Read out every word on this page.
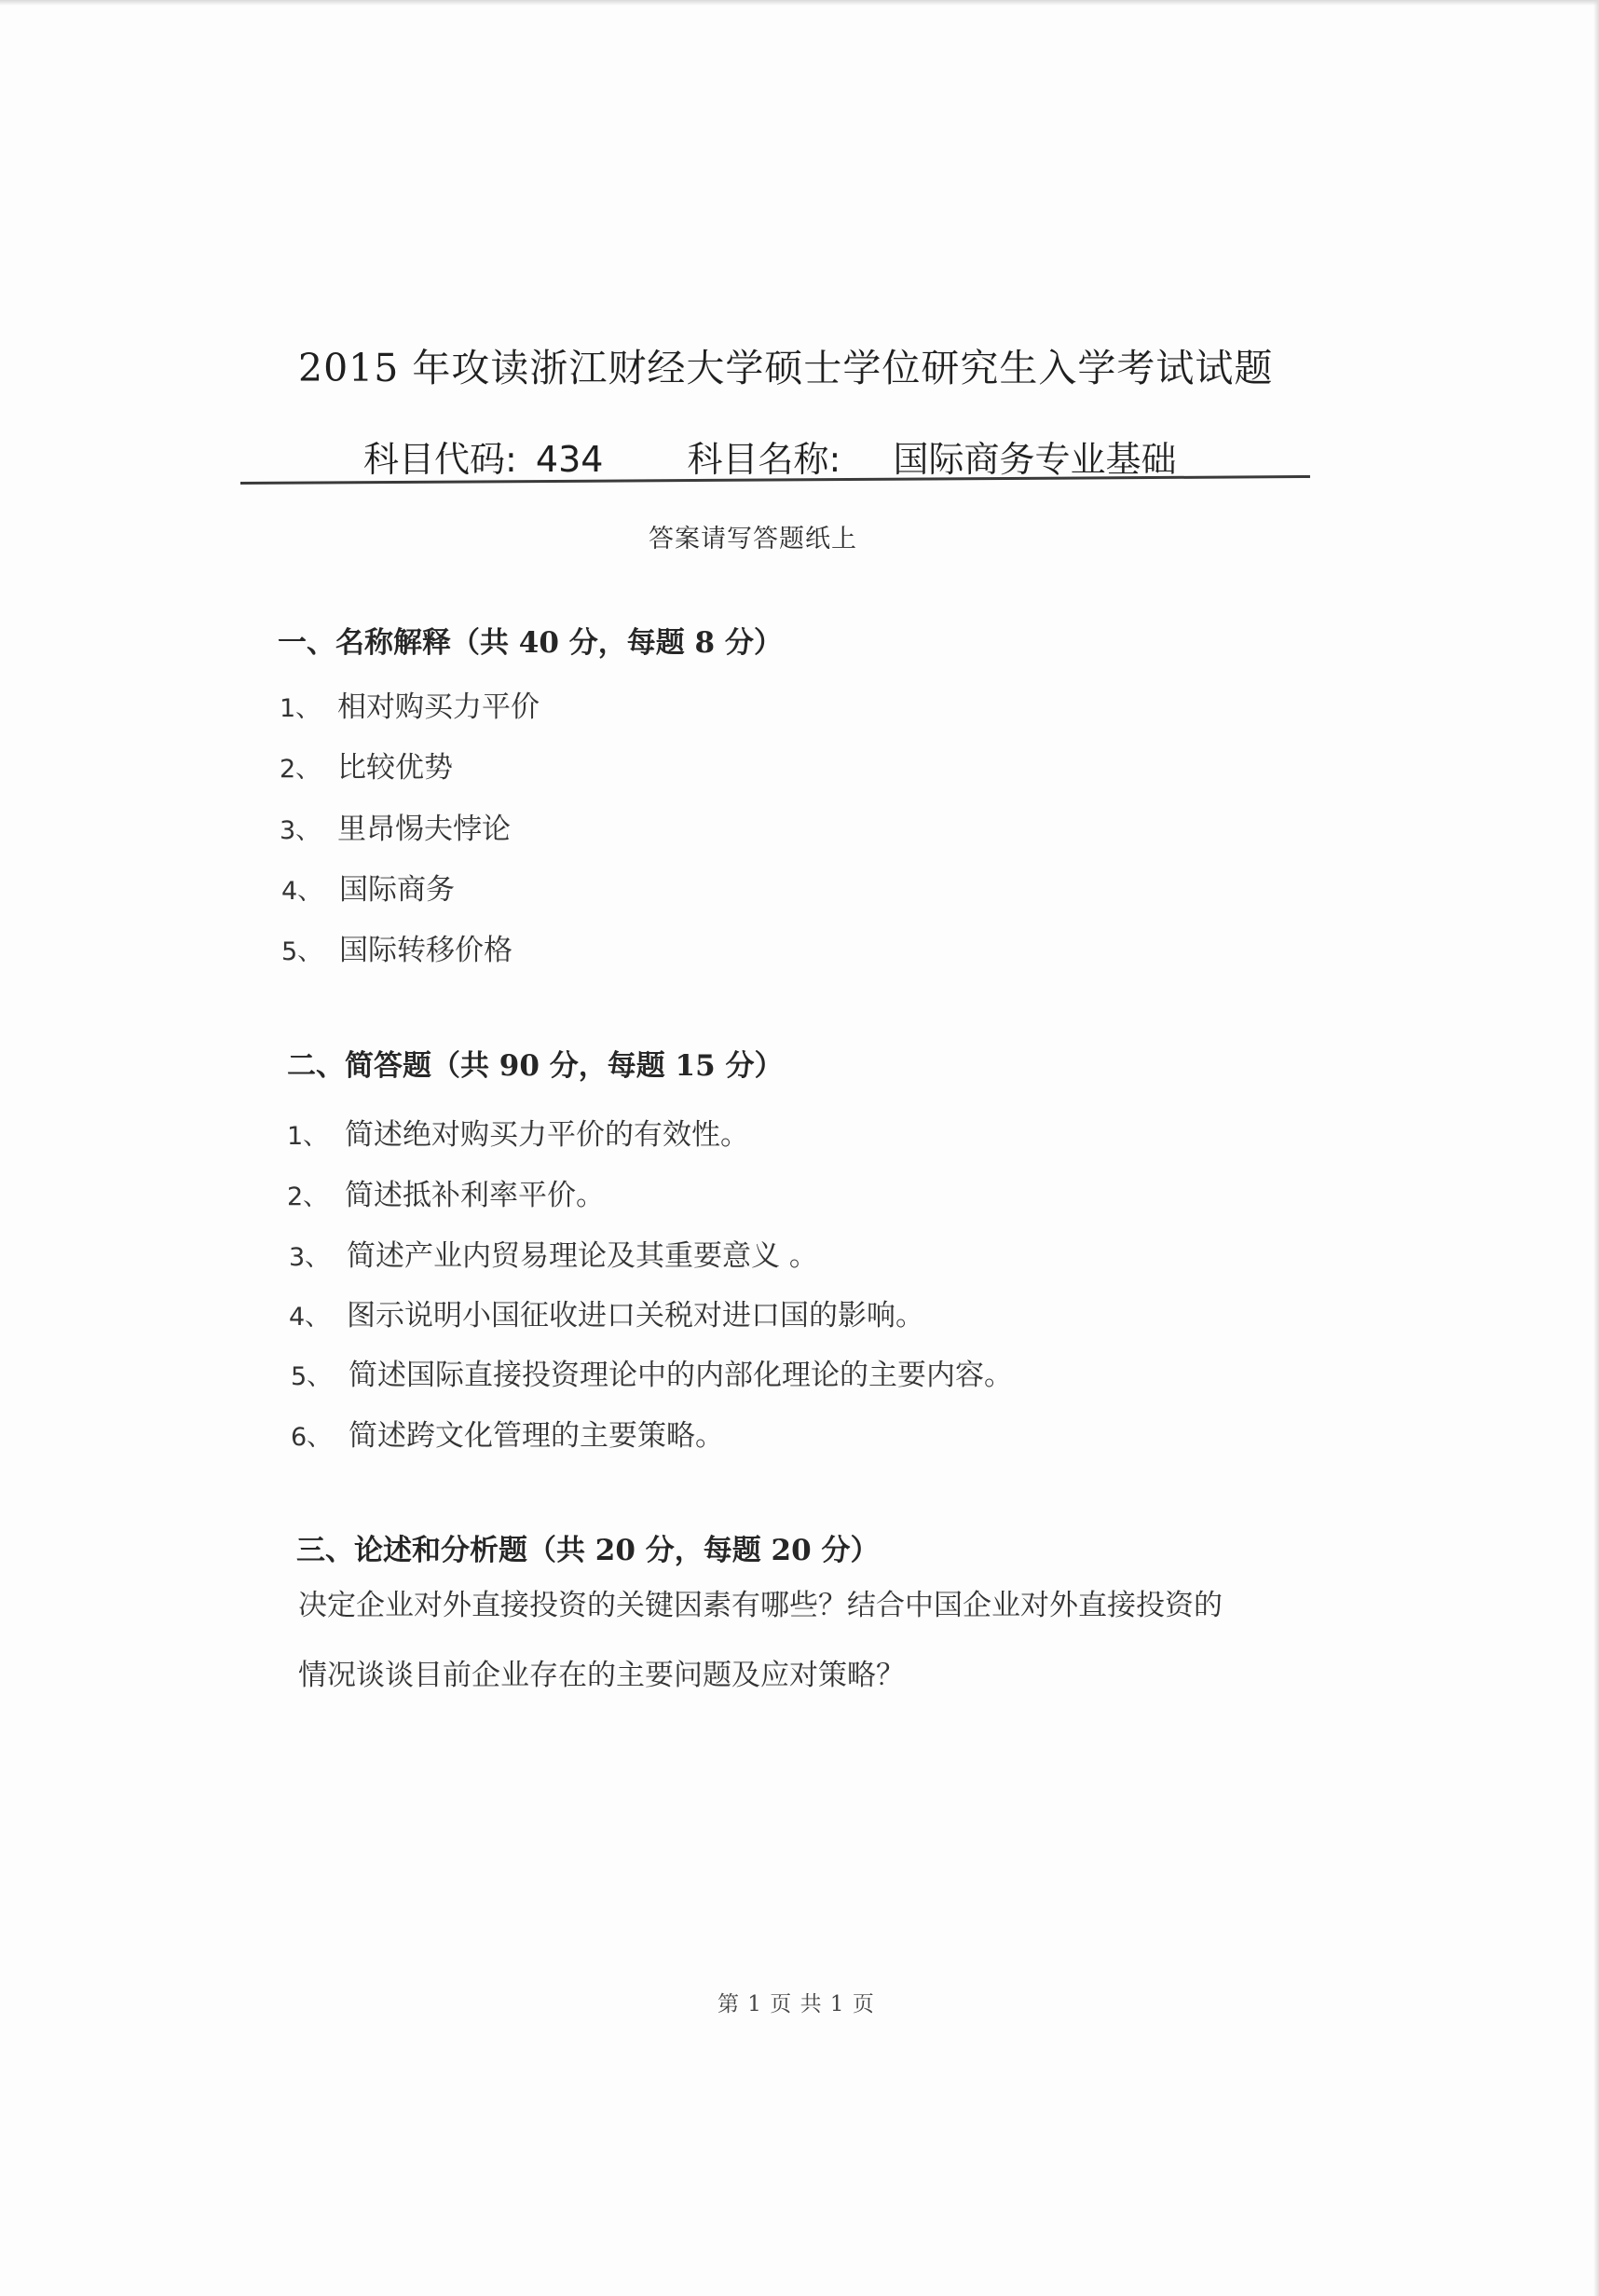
2015 年攻读浙江财经大学硕士学位研究生入学考试试题
科目代码: 434 科目名称: 国际商务专业基础
答案请写答题纸上
一、名称解释（共 40 分，每题 8 分）
1、 相对购买力平价
2、 比较优势
3、 里昂惕夫悖论
4、 国际商务
5、 国际转移价格
二、简答题（共 90 分，每题 15 分）
1、 简述绝对购买力平价的有效性。
2、 简述抵补利率平价。
3、 简述产业内贸易理论及其重要意义 。
4、 图示说明小国征收进口关税对进口国的影响。
5、 简述国际直接投资理论中的内部化理论的主要内容。
6、 简述跨文化管理的主要策略。
三、论述和分析题（共 20 分，每题 20 分）
决定企业对外直接投资的关键因素有哪些？结合中国企业对外直接投资的
情况谈谈目前企业存在的主要问题及应对策略？
第 1 页 共 1 页
